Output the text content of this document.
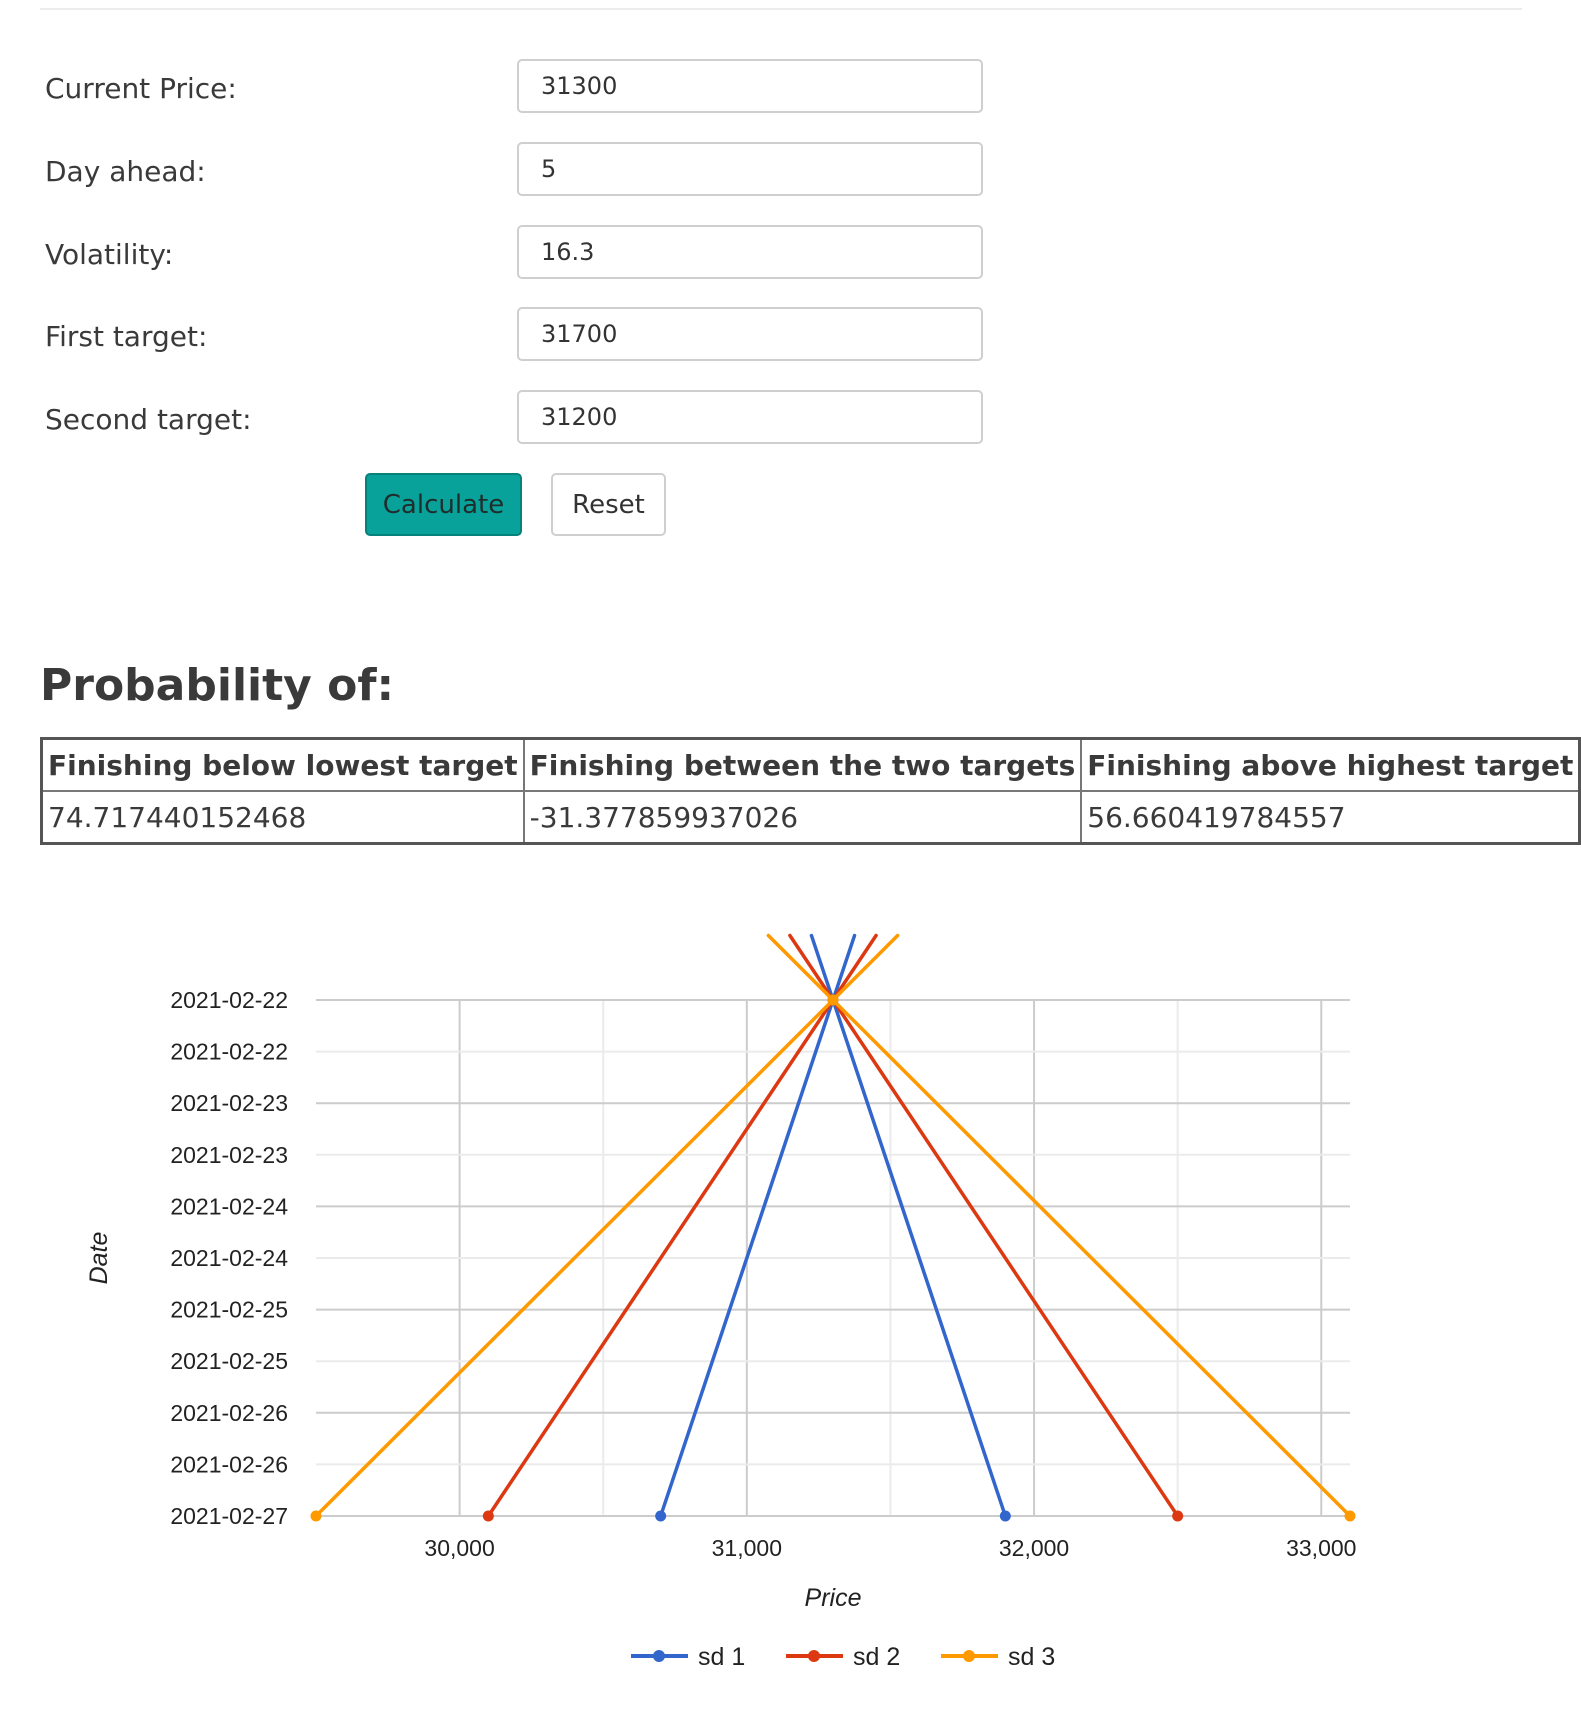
Current Price:
31300
Day ahead:
5
Volatility:
16.3
First target:
31700
Second target:
31200
Calculate	Reset
Probability of:
Finishing below lowest target	Finishing between the two targets	Finishing above highest target
74.717440152468	-31.377859937026	56.660419784557
2021-02-22
2021-02-22
2021-02-23
2021-02-23
2021-02-24
2021-02-24
2021-02-25
2021-02-25
2021-02-26
2021-02-26
2021-02-27
30,000	31,000	32,000	33,000
Price
Date
sd 1	sd 2	sd 3
